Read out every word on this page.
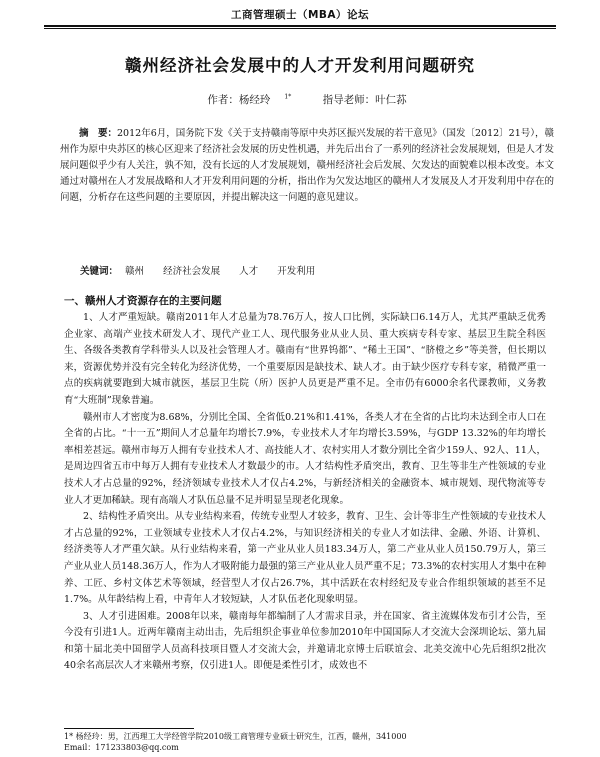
工商管理硕士（MBA）论坛
赣州经济社会发展中的人才开发利用问题研究
作者：杨经玲 $^{1*}$	指导老师：叶仁荪
摘　要：2012年6月，国务院下发《关于支持赣南等原中央苏区振兴发展的若干意见》（国发〔2012〕21号），赣州作为原中央苏区的核心区迎来了经济社会发展的历史性机遇，并先后出台了一系列的经济社会发展规划，但是人才发展问题似乎少有人关注，孰不知，没有长远的人才发展规划，赣州经济社会后发展、欠发达的面貌难以根本改变。本文通过对赣州在人才发展战略和人才开发利用问题的分析，指出作为欠发达地区的赣州人才发展及人才开发利用中存在的问题，分析存在这些问题的主要原因，并提出解决这一问题的意见建议。
关键词： 赣州 经济社会发展 人才 开发利用
一、赣州人才资源存在的主要问题

1、人才严重短缺。赣南2011年人才总量为78.76万人，按人口比例，实际缺口6.14万人，尤其严重缺乏优秀企业家、高端产业技术研发人才、现代产业工人、现代服务业从业人员、重大疾病专科专家、基层卫生院全科医生、各级各类教育学科带头人以及社会管理人才。赣南有“世界钨都”、“稀土王国”、“脐橙之乡”等美誉，但长期以来，资源优势并没有完全转化为经济优势，一个重要原因是缺技术、缺人才。由于缺少医疗专科专家，稍微严重一点的疾病就要跑到大城市就医，基层卫生院（所）医护人员更是严重不足。全市仍有6000余名代课教师，义务教育“大班制”现象普遍。

赣州市人才密度为8.68%，分别比全国、全省低0.21%和1.41%，各类人才在全省的占比均未达到全市人口在全省的占比。“十一五”期间人才总量年均增长7.9%，专业技术人才年均增长3.59%，与GDP 13.32%的年均增长率相差甚远。赣州市每万人拥有专业技术人才、高技能人才、农村实用人才数分别比全省少159人、92人、11人，是周边四省五市中每万人拥有专业技术人才数最少的市。人才结构性矛盾突出，教育、卫生等非生产性领域的专业技术人才占总量的92%，经济领域专业技术人才仅占4.2%，与新经济相关的金融资本、城市规划、现代物流等专业人才更加稀缺。现有高端人才队伍总量不足并明显呈现老化现象。

2、结构性矛盾突出。从专业结构来看，传统专业型人才较多，教育、卫生、会计等非生产性领域的专业技术人才占总量的92%，工业领域专业技术人才仅占4.2%，与知识经济相关的专业人才如法律、金融、外语、计算机、经济类等人才严重欠缺。从行业结构来看，第一产业从业人员183.34万人，第二产业从业人员150.79万人，第三产业从业人员148.36万人，作为人才吸附能力最强的第三产业从业人员严重不足；73.3%的农村实用人才集中在种养、工匠、乡村文体艺术等领域，经营型人才仅占26.7%，其中活跃在农村经纪及专业合作组织领域的甚至不足1.7%。从年龄结构上看，中青年人才较短缺，人才队伍老化现象明显。

3、人才引进困难。2008年以来，赣南每年都编制了人才需求目录，并在国家、省主流媒体发布引才公告，至今没有引进1人。近两年赣南主动出击，先后组织企事业单位参加2010年中国国际人才交流大会深圳论坛、第九届和第十届北美中国留学人员高科技项目暨人才交流大会，并邀请北京博士后联谊会、北美交流中心先后组织2批次40余名高层次人才来赣州考察，仅引进1人。即便是柔性引才，成效也不

1* 杨经玲：男，江西理工大学经管学院2010级工商管理专业硕士研究生，江西，赣州，341000
Email：171233803@qq.com
